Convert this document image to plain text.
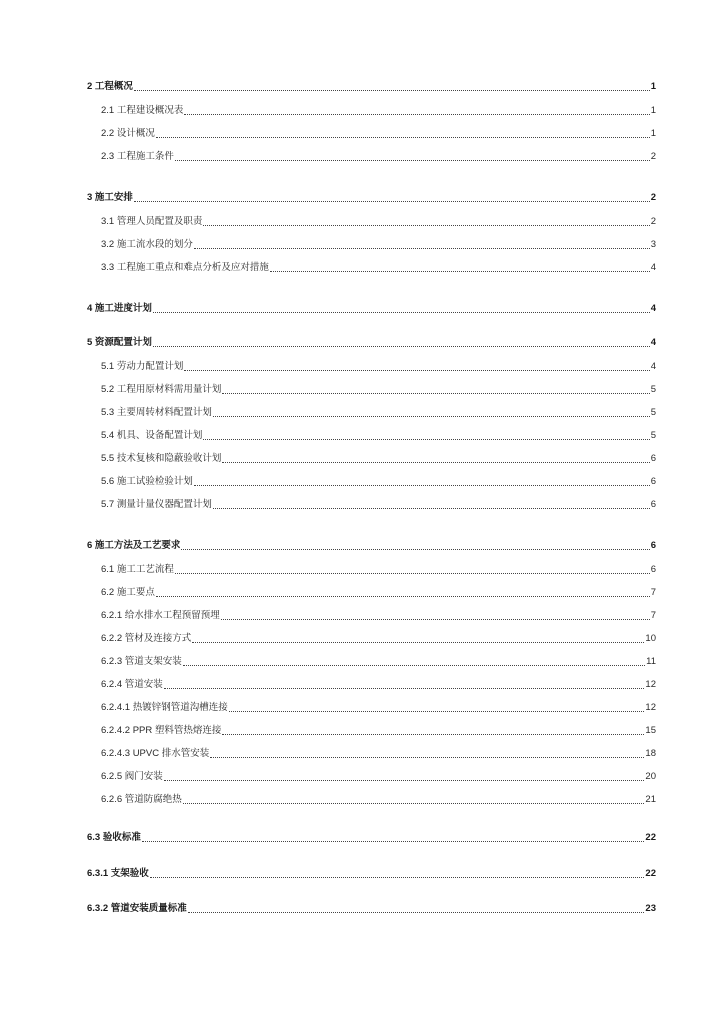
2 工程概况	1
2.1 工程建设概况表	1
2.2 设计概况	1
2.3 工程施工条件	2
3 施工安排	2
3.1 管理人员配置及职责	2
3.2 施工流水段的划分	3
3.3 工程施工重点和难点分析及应对措施	4
4 施工进度计划	4
5 资源配置计划	4
5.1 劳动力配置计划	4
5.2 工程用原材料需用量计划	5
5.3 主要周转材料配置计划	5
5.4 机具、设备配置计划	5
5.5 技术复核和隐蔽验收计划	6
5.6 施工试验检验计划	6
5.7 测量计量仪器配置计划	6
6 施工方法及工艺要求	6
6.1 施工工艺流程	6
6.2 施工要点	7
6.2.1 给水排水工程预留预埋	7
6.2.2 管材及连接方式	10
6.2.3 管道支架安装	11
6.2.4 管道安装	12
6.2.4.1 热镀锌钢管道沟槽连接	12
6.2.4.2 PPR 塑料管热熔连接	15
6.2.4.3 UPVC 排水管安装	18
6.2.5 阀门安装	20
6.2.6 管道防腐绝热	21
6.3 验收标准	22
6.3.1 支架验收	22
6.3.2 管道安装质量标准	23
